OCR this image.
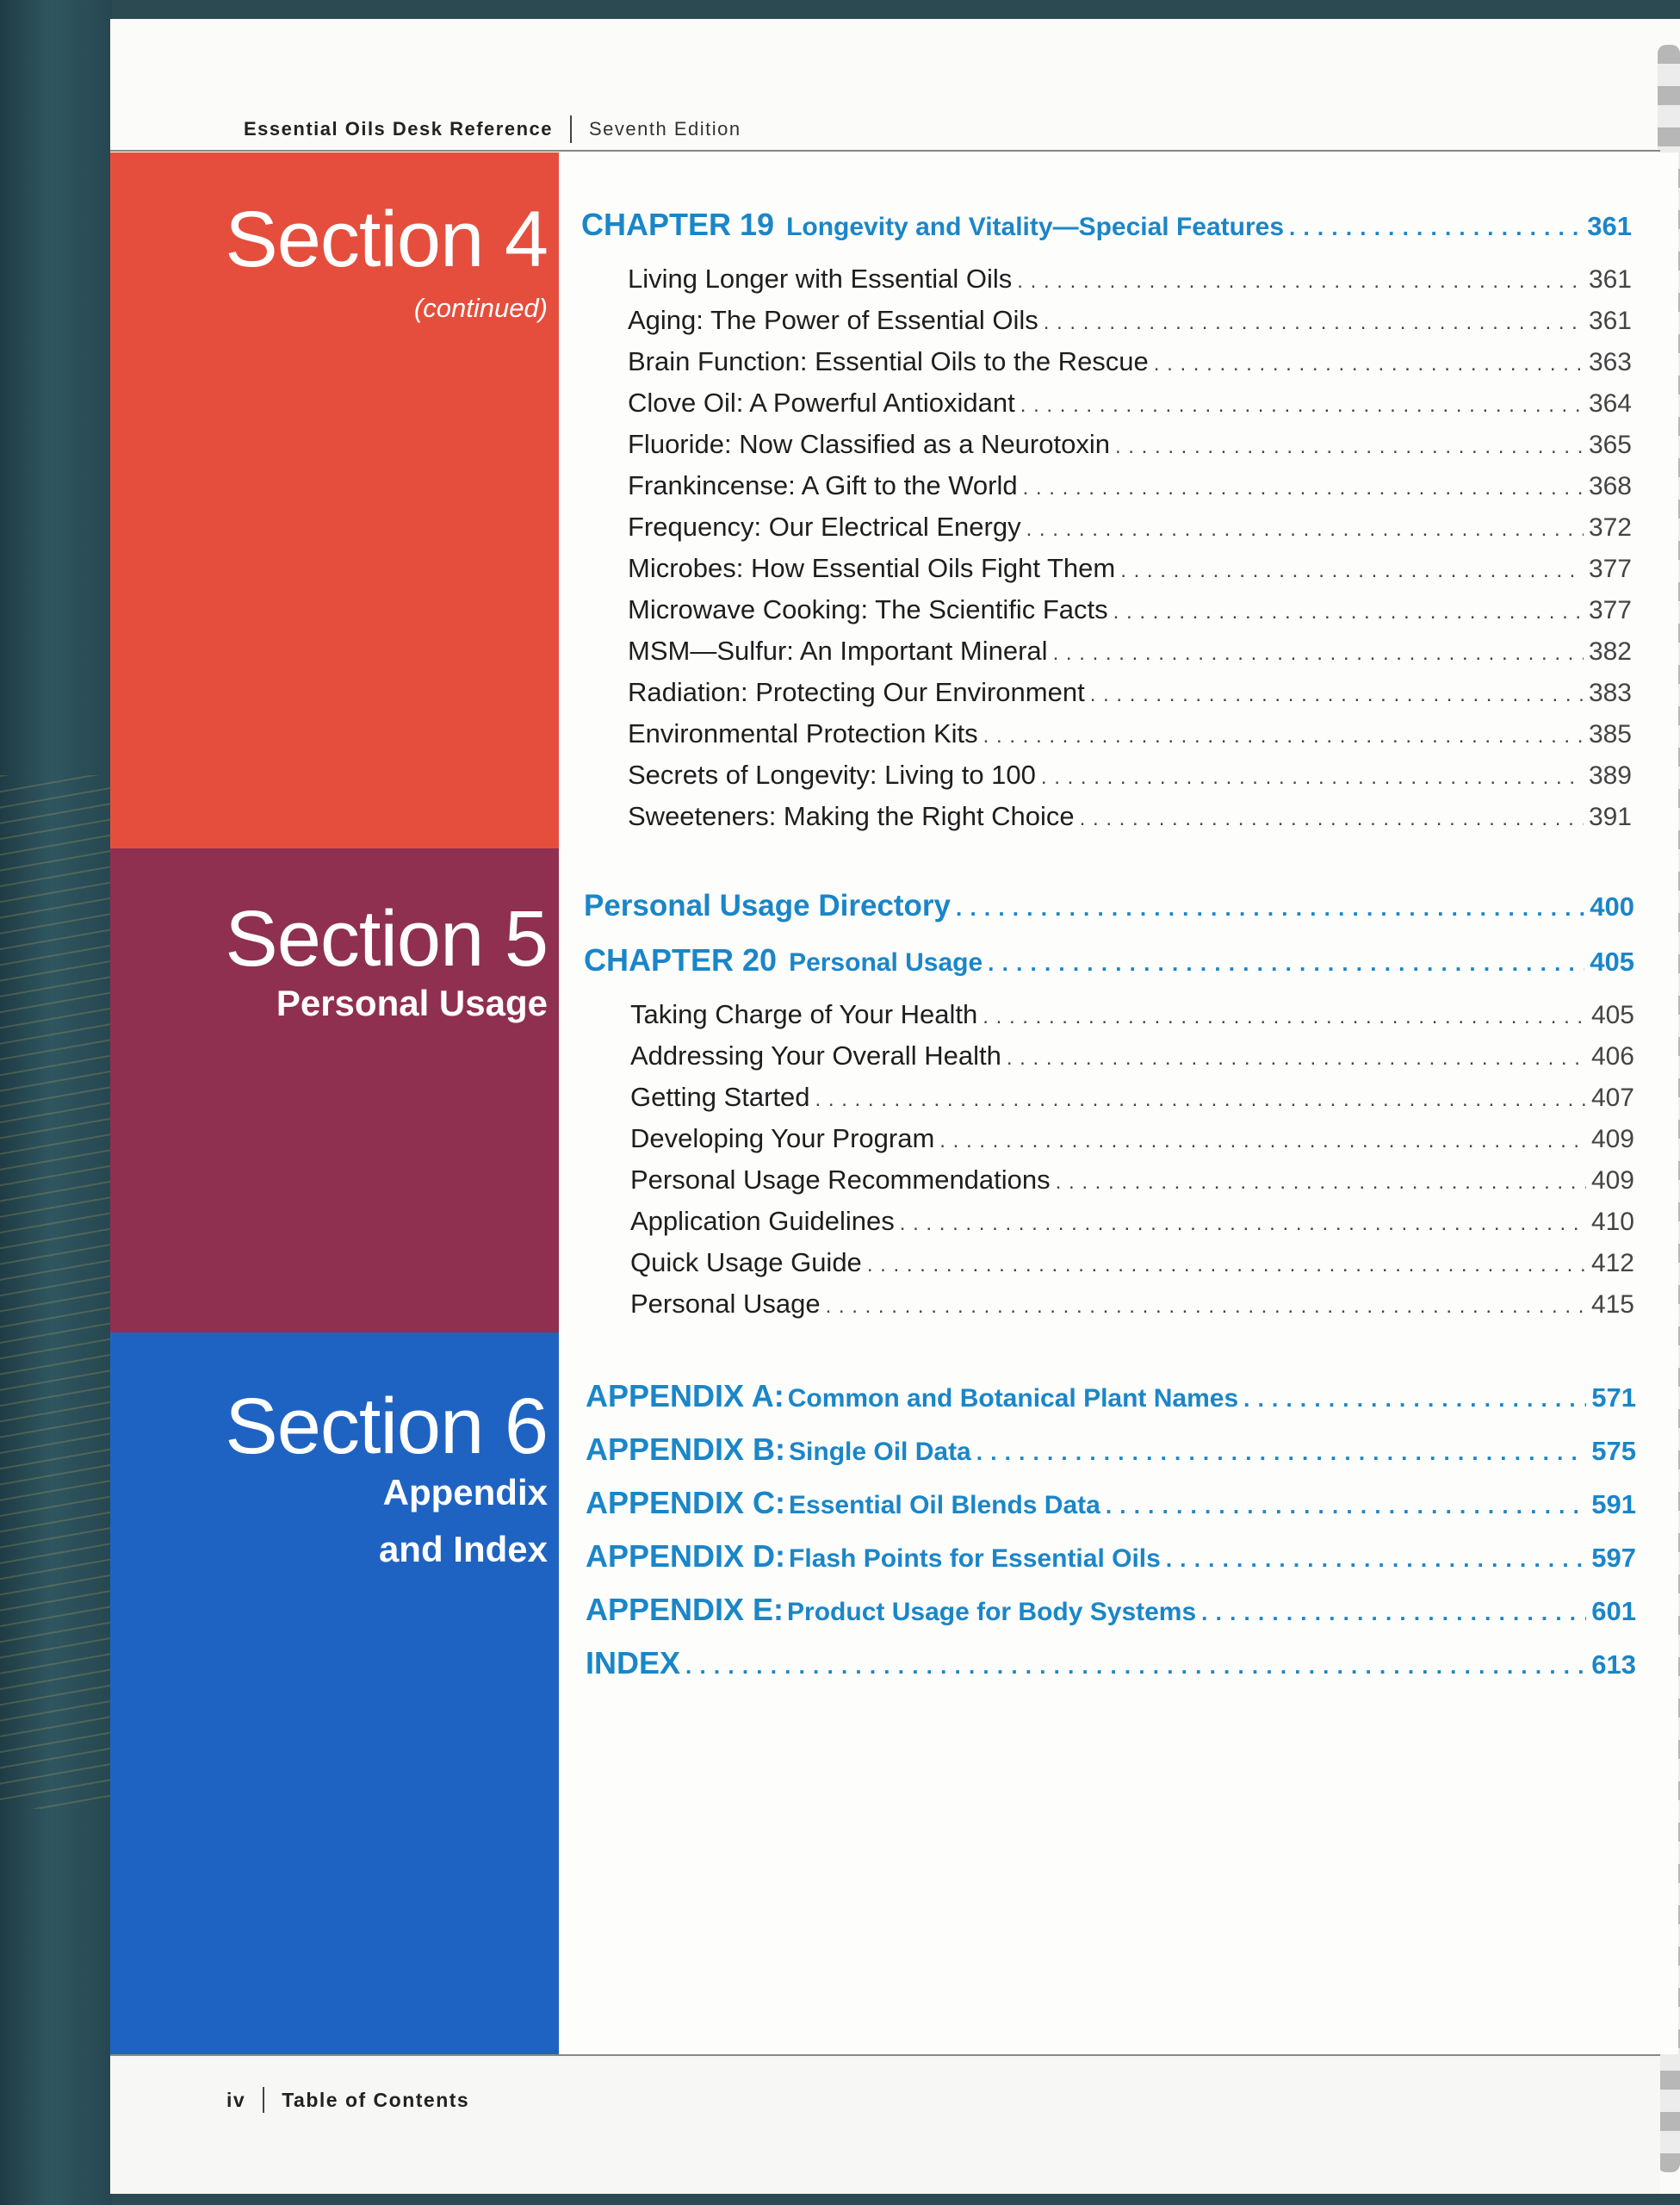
Essential Oils Desk Reference Seventh Edition
Section 4
(continued)
CHAPTER 19 Longevity and Vitality—Special Features . . .	361
Living Longer with Essential Oils . . .	361
Aging: The Power of Essential Oils . . .	361
Brain Function: Essential Oils to the Rescue . . .	363
Clove Oil: A Powerful Antioxidant . . .	364
Fluoride: Now Classified as a Neurotoxin . . .	365
Frankincense: A Gift to the World . . .	368
Frequency: Our Electrical Energy . . .	372
Microbes: How Essential Oils Fight Them . . .	377
Microwave Cooking: The Scientific Facts . . .	377
MSM—Sulfur: An Important Mineral . . .	382
Radiation: Protecting Our Environment . . .	383
Environmental Protection Kits . . .	385
Secrets of Longevity: Living to 100 . . .	389
Sweeteners: Making the Right Choice . . .	391
Section 5
Personal Usage
Personal Usage Directory . . .	400
CHAPTER 20 Personal Usage . . .	405
Taking Charge of Your Health . . .	405
Addressing Your Overall Health . . .	406
Getting Started . . .	407
Developing Your Program . . .	409
Personal Usage Recommendations . . .	409
Application Guidelines . . .	410
Quick Usage Guide . . .	412
Personal Usage . . .	415
Section 6
Appendix
and Index
APPENDIX A: Common and Botanical Plant Names . . .	571
APPENDIX B: Single Oil Data . . .	575
APPENDIX C: Essential Oil Blends Data . . .	591
APPENDIX D: Flash Points for Essential Oils . . .	597
APPENDIX E: Product Usage for Body Systems . . .	601
INDEX . . .	613
iv Table of Contents
